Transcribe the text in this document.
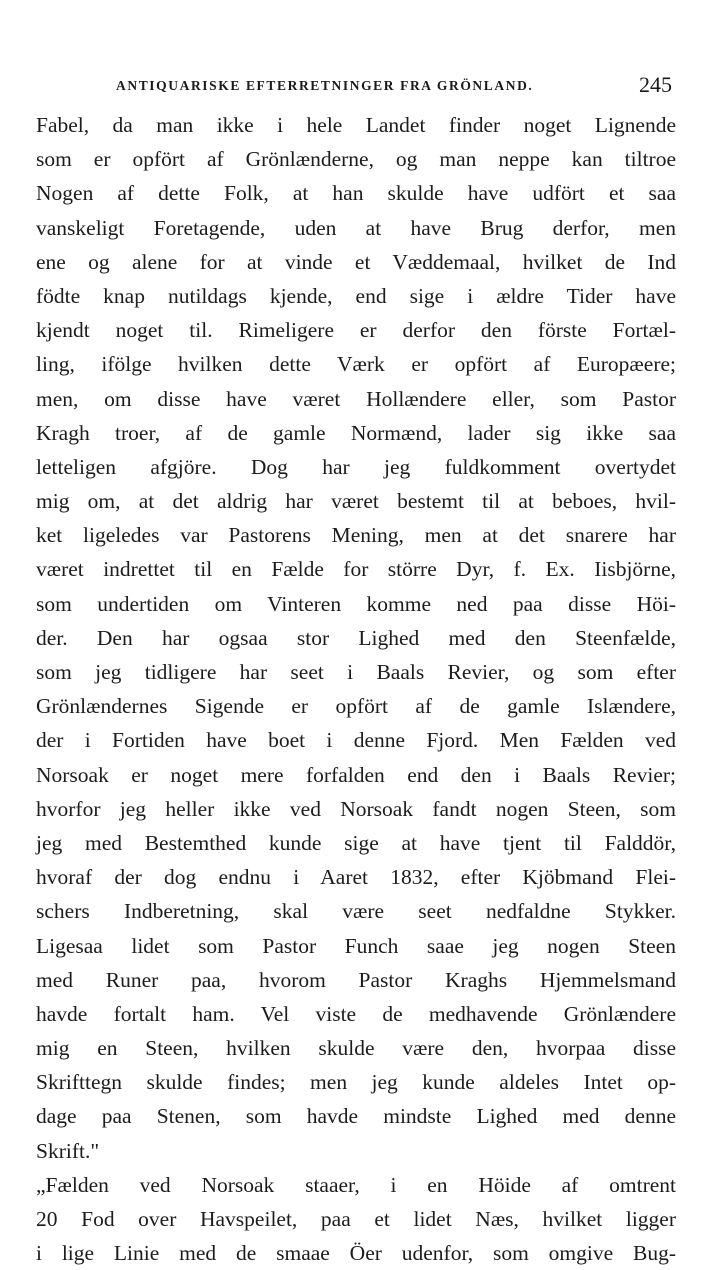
ANTIQUARISKE EFTERRETNINGER FRA GRÖNLAND.	245
Fabel, da man ikke i hele Landet finder noget Lignende
som er opfört af Grönlænderne, og man neppe kan tiltroe
Nogen af dette Folk, at han skulde have udfört et saa
vanskeligt Foretagende, uden at have Brug derfor, men
ene og alene for at vinde et Væddemaal, hvilket de Ind
födte knap nutildags kjende, end sige i ældre Tider have
kjendt noget til. Rimeligere er derfor den förste Fortæl-
ling, ifölge hvilken dette Værk er opfört af Europæere;
men, om disse have været Hollændere eller, som Pastor
Kragh troer, af de gamle Normænd, lader sig ikke saa
letteligen afgjöre. Dog har jeg fuldkomment overtydet
mig om, at det aldrig har været bestemt til at beboes, hvil-
ket ligeledes var Pastorens Mening, men at det snarere har
været indrettet til en Fælde for större Dyr, f. Ex. Iisbjörne,
som undertiden om Vinteren komme ned paa disse Höi-
der. Den har ogsaa stor Lighed med den Steenfælde,
som jeg tidligere har seet i Baals Revier, og som efter
Grönlændernes Sigende er opfört af de gamle Islændere,
der i Fortiden have boet i denne Fjord. Men Fælden ved
Norsoak er noget mere forfalden end den i Baals Revier;
hvorfor jeg heller ikke ved Norsoak fandt nogen Steen, som
jeg med Bestemthed kunde sige at have tjent til Falddör,
hvoraf der dog endnu i Aaret 1832, efter Kjöbmand Flei-
schers Indberetning, skal være seet nedfaldne Stykker.
Ligesaa lidet som Pastor Funch saae jeg nogen Steen
med Runer paa, hvorom Pastor Kraghs Hjemmelsmand
havde fortalt ham. Vel viste de medhavende Grönlændere
mig en Steen, hvilken skulde være den, hvorpaa disse
Skrifttegn skulde findes; men jeg kunde aldeles Intet op-
dage paa Stenen, som havde mindste Lighed med denne
Skrift."
„Fælden ved Norsoak staaer, i en Höide af omtrent
20 Fod over Havspeilet, paa et lidet Næs, hvilket ligger
i lige Linie med de smaae Öer udenfor, som omgive Bug-
